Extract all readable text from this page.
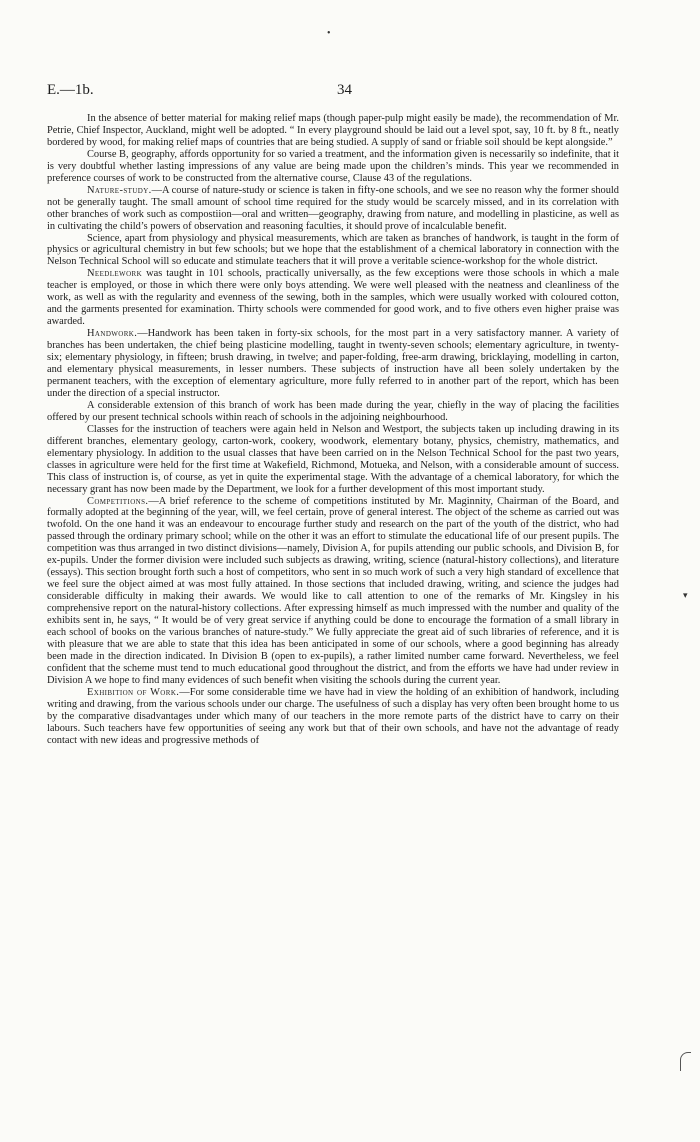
•
E.—1b.	34

In the absence of better material for making relief maps (though paper-pulp might easily be made), the recommendation of Mr. Petrie, Chief Inspector, Auckland, might well be adopted. “ In every playground should be laid out a level spot, say, 10 ft. by 8 ft., neatly bordered by wood, for making relief maps of countries that are being studied. A supply of sand or friable soil should be kept alongside.”

Course B, geography, affords opportunity for so varied a treatment, and the information given is necessarily so indefinite, that it is very doubtful whether lasting impressions of any value are being made upon the children’s minds. This year we recommended in preference courses of work to be constructed from the alternative course, Clause 43 of the regulations.

Nature-study.—A course of nature-study or science is taken in fifty-one schools, and we see no reason why the former should not be generally taught. The small amount of school time required for the study would be scarcely missed, and in its correlation with other branches of work such as compostiion—oral and written—geography, drawing from nature, and modelling in plasticine, as well as in cultivating the child’s powers of observation and reasoning faculties, it should prove of incalculable benefit.

Science, apart from physiology and physical measurements, which are taken as branches of handwork, is taught in the form of physics or agricultural chemistry in but few schools; but we hope that the establishment of a chemical laboratory in connection with the Nelson Technical School will so educate and stimulate teachers that it will prove a veritable science-workshop for the whole district.

Needlework was taught in 101 schools, practically universally, as the few exceptions were those schools in which a male teacher is employed, or those in which there were only boys attending. We were well pleased with the neatness and cleanliness of the work, as well as with the regularity and evenness of the sewing, both in the samples, which were usually worked with coloured cotton, and the garments presented for examination. Thirty schools were commended for good work, and to five others even higher praise was awarded.

Handwork.—Handwork has been taken in forty-six schools, for the most part in a very satisfactory manner. A variety of branches has been undertaken, the chief being plasticine modelling, taught in twenty-seven schools; elementary agriculture, in twenty-six; elementary physiology, in fifteen; brush drawing, in twelve; and paper-folding, free-arm drawing, bricklaying, modelling in carton, and elementary physical measurements, in lesser numbers. These subjects of instruction have all been solely undertaken by the permanent teachers, with the exception of elementary agriculture, more fully referred to in another part of the report, which has been under the direction of a special instructor.

A considerable extension of this branch of work has been made during the year, chiefly in the way of placing the facilities offered by our present technical schools within reach of schools in the adjoining neighbourhood.

Classes for the instruction of teachers were again held in Nelson and Westport, the subjects taken up including drawing in its different branches, elementary geology, carton-work, cookery, woodwork, elementary botany, physics, chemistry, mathematics, and elementary physiology. In addition to the usual classes that have been carried on in the Nelson Technical School for the past two years, classes in agriculture were held for the first time at Wakefield, Richmond, Motueka, and Nelson, with a considerable amount of success. This class of instruction is, of course, as yet in quite the experimental stage. With the advantage of a chemical laboratory, for which the necessary grant has now been made by the Department, we look for a further development of this most important study.

Competitions.—A brief reference to the scheme of competitions instituted by Mr. Maginnity, Chairman of the Board, and formally adopted at the beginning of the year, will, we feel certain, prove of general interest. The object of the scheme as carried out was twofold. On the one hand it was an endeavour to encourage further study and research on the part of the youth of the district, who had passed through the ordinary primary school; while on the other it was an effort to stimulate the educational life of our present pupils. The competition was thus arranged in two distinct divisions—namely, Division A, for pupils attending our public schools, and Division B, for ex-pupils. Under the former division were included such subjects as drawing, writing, science (natural-history collections), and literature (essays). This section brought forth such a host of competitors, who sent in so much work of such a very high standard of excellence that we feel sure the object aimed at was most fully attained. In those sections that included drawing, writing, and science the judges had considerable difficulty in making their awards. We would like to call attention to one of the remarks of Mr. Kingsley in his comprehensive report on the natural-history collections. After expressing himself as much impressed with the number and quality of the exhibits sent in, he says, “ It would be of very great service if anything could be done to encourage the formation of a small library in each school of books on the various branches of nature-study.” We fully appreciate the great aid of such libraries of reference, and it is with pleasure that we are able to state that this idea has been anticipated in some of our schools, where a good beginning has already been made in the direction indicated. In Division B (open to ex-pupils), a rather limited number came forward. Nevertheless, we feel confident that the scheme must tend to much educational good throughout the district, and from the efforts we have had under review in Division A we hope to find many evidences of such benefit when visiting the schools during the current year.

Exhibition of Work.—For some considerable time we have had in view the holding of an exhibition of handwork, including writing and drawing, from the various schools under our charge. The usefulness of such a display has very often been brought home to us by the comparative disadvantages under which many of our teachers in the more remote parts of the district have to carry on their labours. Such teachers have few opportunities of seeing any work but that of their own schools, and have not the advantage of ready contact with new ideas and progressive methods of

▾
